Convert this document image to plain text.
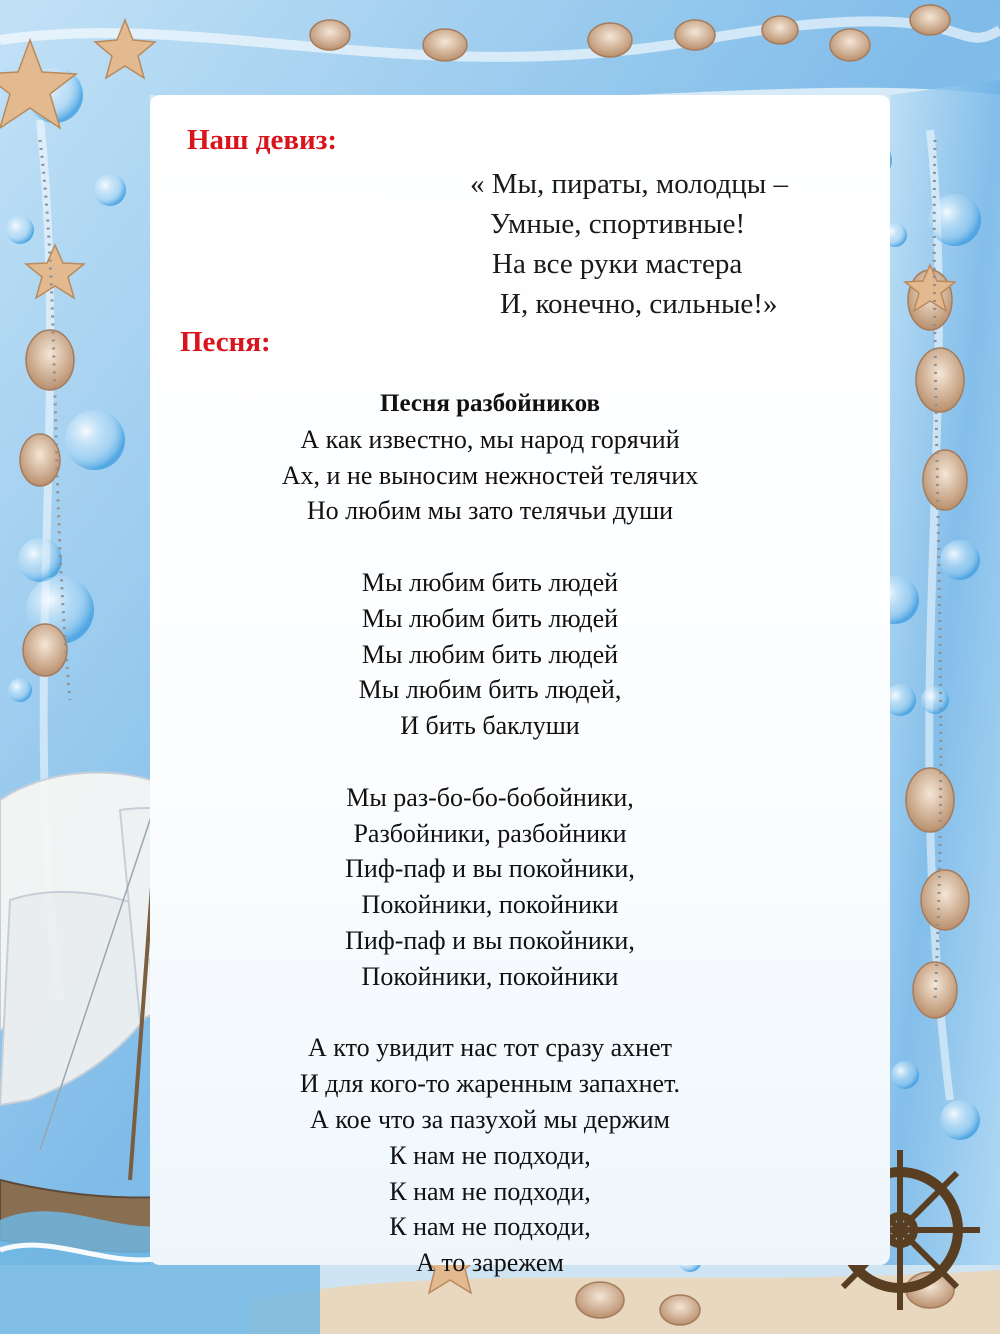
Наш девиз:
« Мы, пираты, молодцы –
Умные, спортивные!
На все руки мастера
И, конечно, сильные!»
Песня:
Песня разбойников
А как известно, мы народ горячий
Ах, и не выносим нежностей телячих
Но любим мы зато телячьи души
Мы любим бить людей
Мы любим бить людей
Мы любим бить людей
Мы любим бить людей,
И бить баклуши
Мы раз-бо-бо-бобойники,
Разбойники, разбойники
Пиф-паф и вы покойники,
Покойники, покойники
Пиф-паф и вы покойники,
Покойники, покойники
А кто увидит нас тот сразу ахнет
И для кого-то жаренным запахнет.
А кое что за пазухой мы держим
К нам не подходи,
К нам не подходи,
К нам не подходи,
А то зарежем
